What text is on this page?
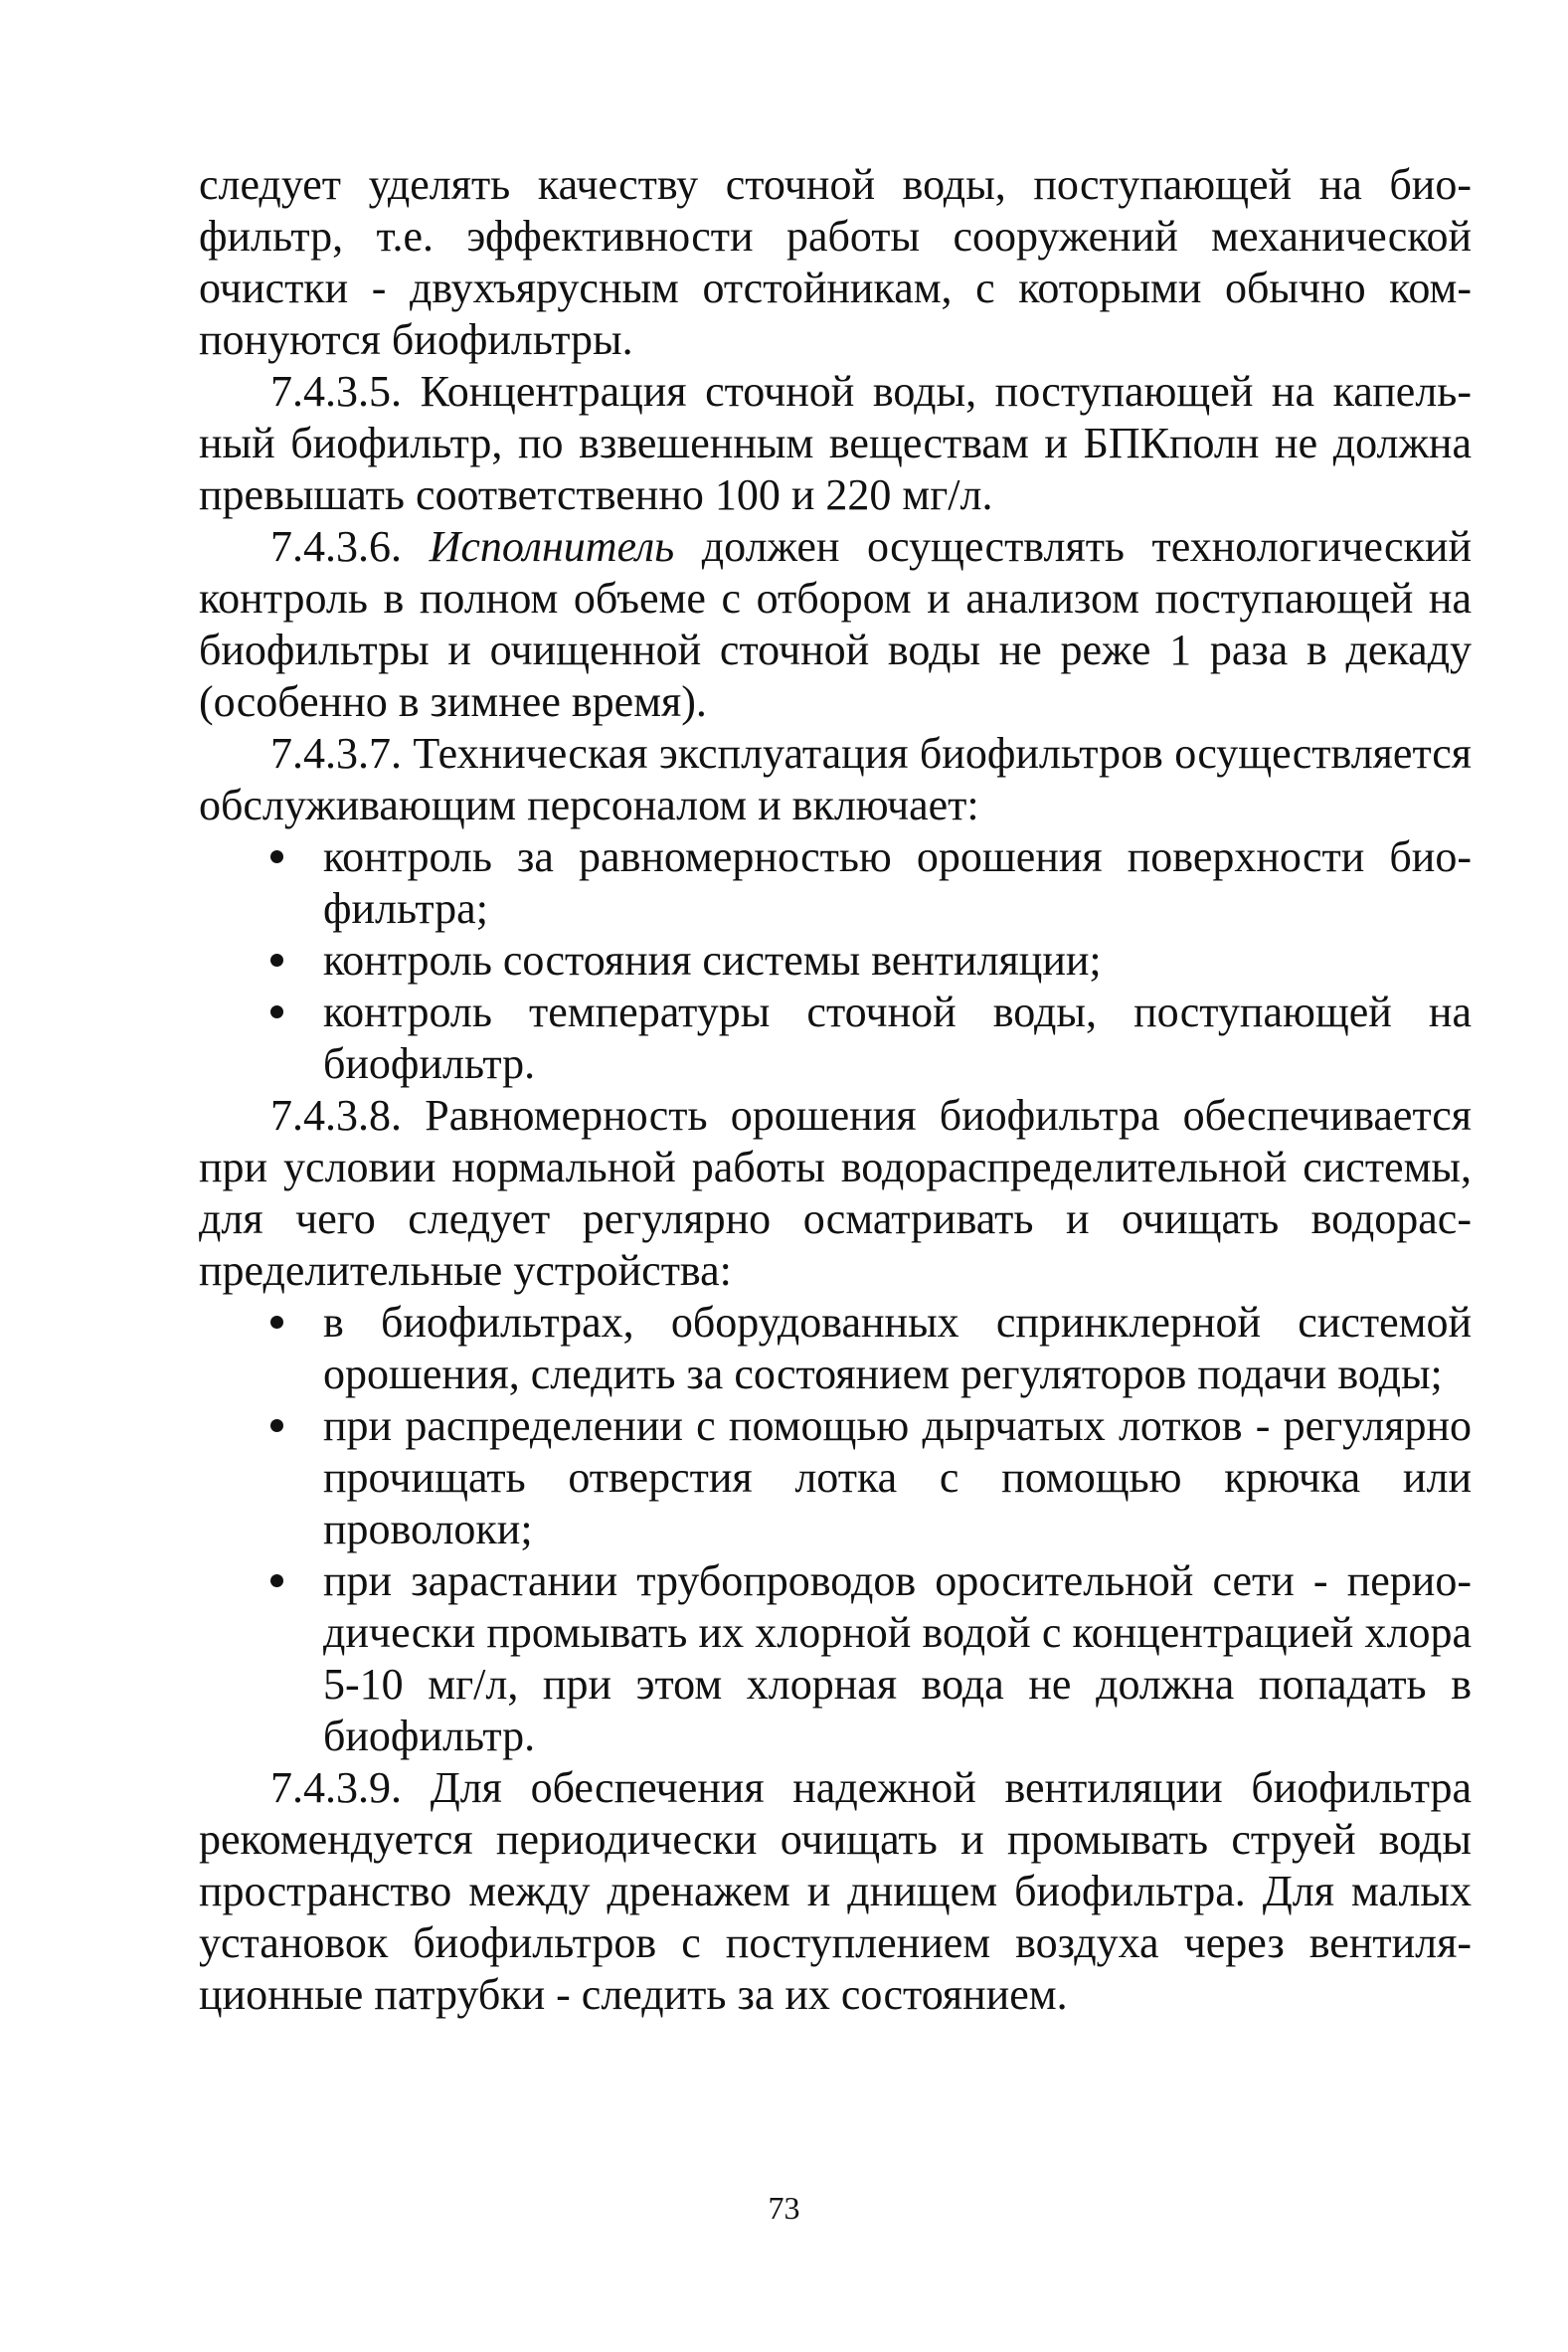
следует уделять качеству сточной воды, поступающей на биофильтр, т.е. эффективности работы сооружений механической очистки - двухъярусным отстойникам, с которыми обычно компонуются биофильтры.

7.4.3.5. Концентрация сточной воды, поступающей на капельный биофильтр, по взвешенным веществам и БПКполн не должна превышать соответственно 100 и 220 мг/л.

7.4.3.6. Исполнитель должен осуществлять технологический контроль в полном объеме с отбором и анализом поступающей на биофильтры и очищенной сточной воды не реже 1 раза в декаду (особенно в зимнее время).

7.4.3.7. Техническая эксплуатация биофильтров осуществляется обслуживающим персоналом и включает:

контроль за равномерностью орошения поверхности биофильтра;
контроль состояния системы вентиляции;
контроль температуры сточной воды, поступающей на биофильтр.

7.4.3.8. Равномерность орошения биофильтра обеспечивается при условии нормальной работы водораспределительной системы, для чего следует регулярно осматривать и очищать водораспределительные устройства:

в биофильтрах, оборудованных спринклерной системой орошения, следить за состоянием регуляторов подачи воды;
при распределении с помощью дырчатых лотков - регулярно прочищать отверстия лотка с помощью крючка или проволоки;
при зарастании трубопроводов оросительной сети - периодически промывать их хлорной водой с концентрацией хлора 5-10 мг/л, при этом хлорная вода не должна попадать в биофильтр.

7.4.3.9. Для обеспечения надежной вентиляции биофильтра рекомендуется периодически очищать и промывать струей воды пространство между дренажем и днищем биофильтра. Для малых установок биофильтров с поступлением воздуха через вентиляционные патрубки - следить за их состоянием.

73
